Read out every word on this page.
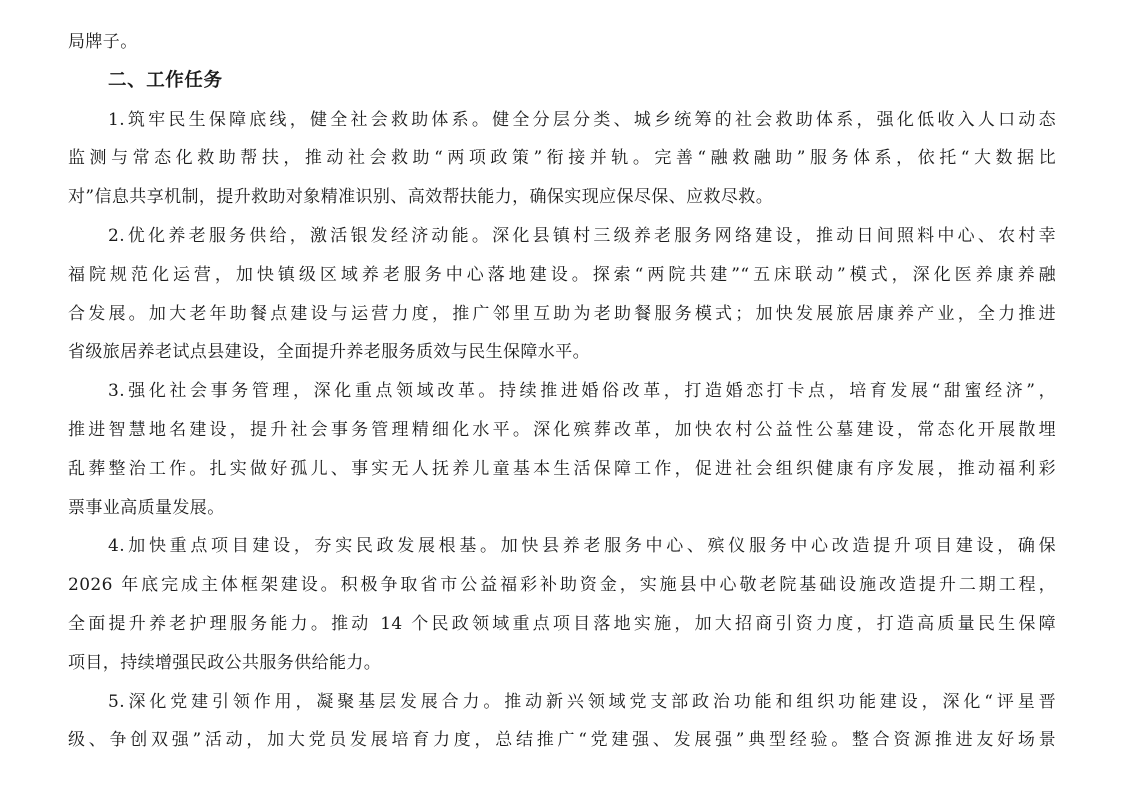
局牌子。

二、工作任务

1.筑牢民生保障底线，健全社会救助体系。健全分层分类、城乡统筹的社会救助体系，强化低收入人口动态

监测与常态化救助帮扶，推动社会救助“两项政策”衔接并轨。完善“融救融助”服务体系，依托“大数据比

对”信息共享机制，提升救助对象精准识别、高效帮扶能力，确保实现应保尽保、应救尽救。

2.优化养老服务供给，激活银发经济动能。深化县镇村三级养老服务网络建设，推动日间照料中心、农村幸

福院规范化运营，加快镇级区域养老服务中心落地建设。探索“两院共建”“五床联动”模式，深化医养康养融

合发展。加大老年助餐点建设与运营力度，推广邻里互助为老助餐服务模式；加快发展旅居康养产业，全力推进

省级旅居养老试点县建设，全面提升养老服务质效与民生保障水平。

3.强化社会事务管理，深化重点领域改革。持续推进婚俗改革，打造婚恋打卡点，培育发展“甜蜜经济”，

推进智慧地名建设，提升社会事务管理精细化水平。深化殡葬改革，加快农村公益性公墓建设，常态化开展散埋

乱葬整治工作。扎实做好孤儿、事实无人抚养儿童基本生活保障工作，促进社会组织健康有序发展，推动福利彩

票事业高质量发展。

4.加快重点项目建设，夯实民政发展根基。加快县养老服务中心、殡仪服务中心改造提升项目建设，确保

2026 年底完成主体框架建设。积极争取省市公益福彩补助资金，实施县中心敬老院基础设施改造提升二期工程，

全面提升养老护理服务能力。推动 14 个民政领域重点项目落地实施，加大招商引资力度，打造高质量民生保障

项目，持续增强民政公共服务供给能力。

5.深化党建引领作用，凝聚基层发展合力。推动新兴领域党支部政治功能和组织功能建设，深化“评星晋

级、争创双强”活动，加大党员发展培育力度，总结推广“党建强、发展强”典型经验。整合资源推进友好场景
